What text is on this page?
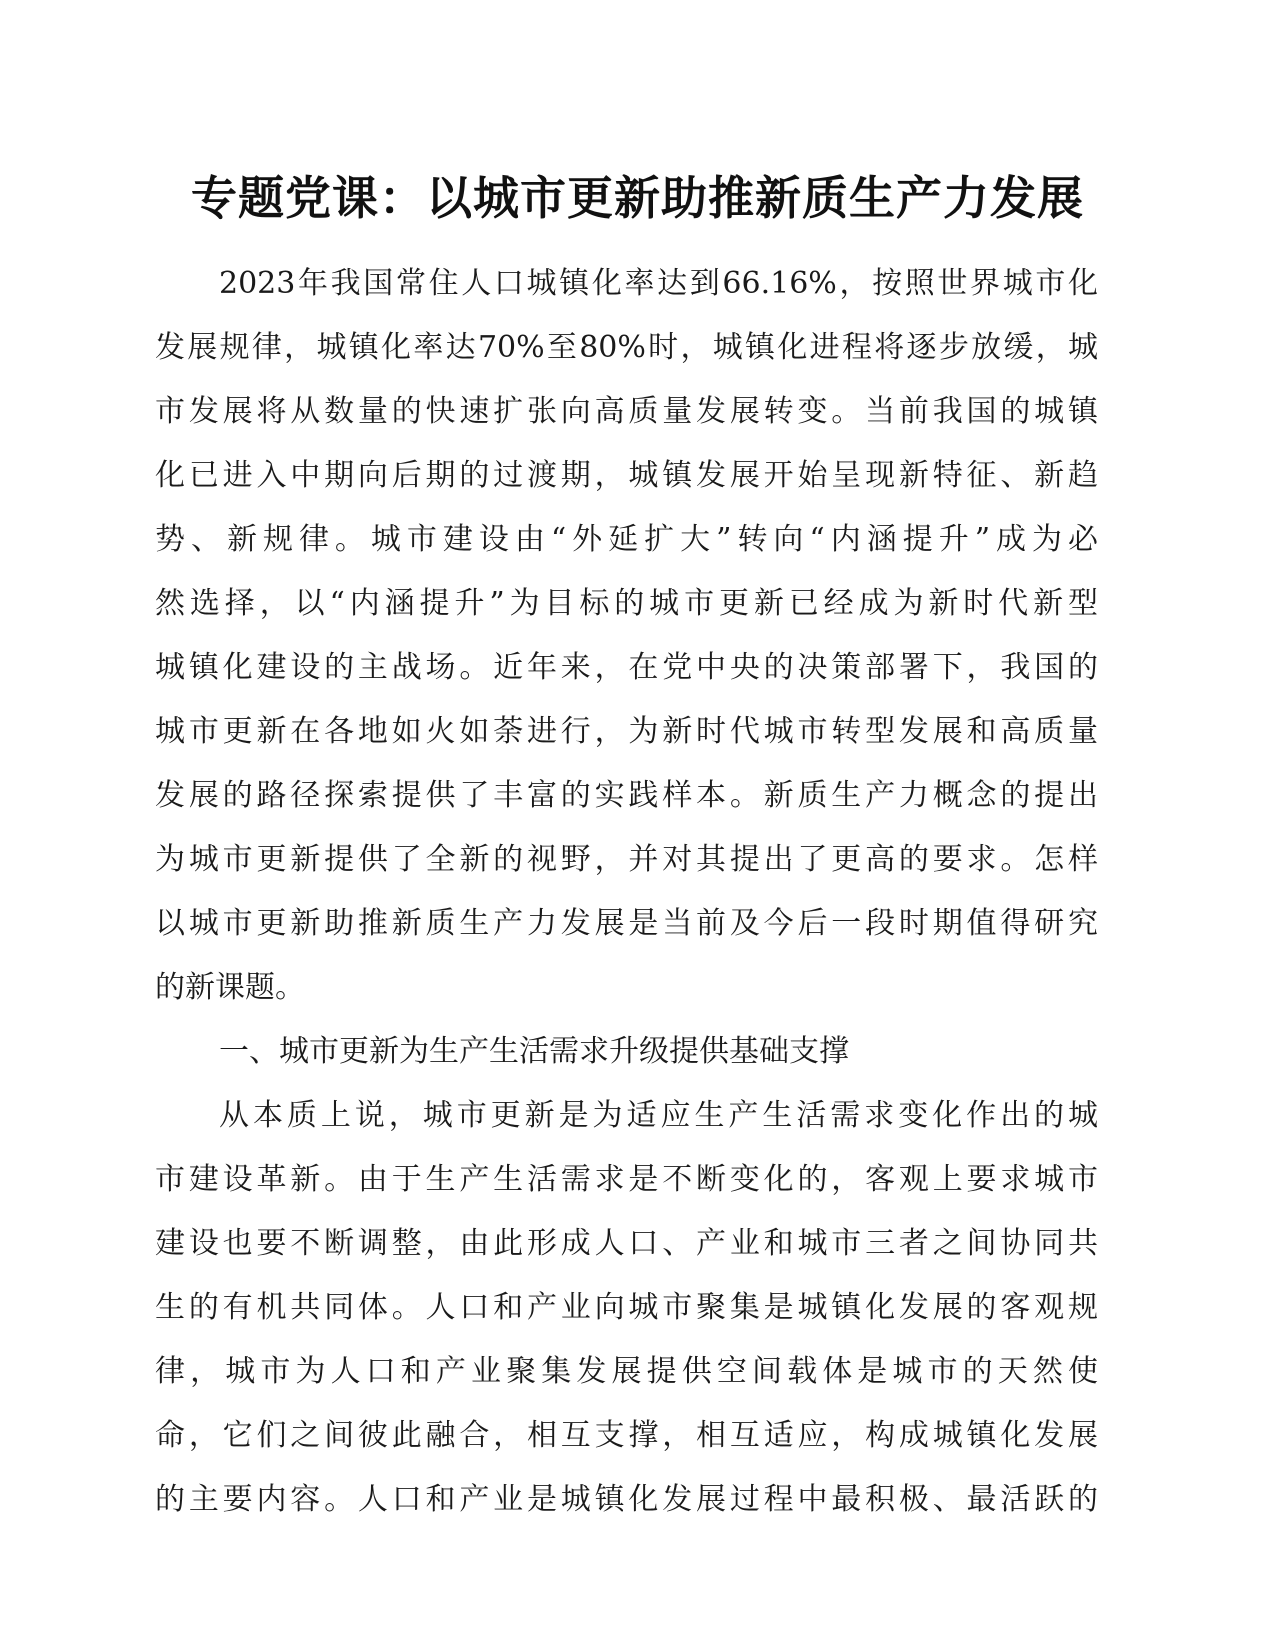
专题党课：以城市更新助推新质生产力发展
2023年我国常住人口城镇化率达到66.16%，按照世界城市化
发展规律，城镇化率达70%至80%时，城镇化进程将逐步放缓，城
市发展将从数量的快速扩张向高质量发展转变。当前我国的城镇
化已进入中期向后期的过渡期，城镇发展开始呈现新特征、新趋
势、新规律。城市建设由“外延扩大”转向“内涵提升”成为必
然选择，以“内涵提升”为目标的城市更新已经成为新时代新型
城镇化建设的主战场。近年来，在党中央的决策部署下，我国的
城市更新在各地如火如荼进行，为新时代城市转型发展和高质量
发展的路径探索提供了丰富的实践样本。新质生产力概念的提出
为城市更新提供了全新的视野，并对其提出了更高的要求。怎样
以城市更新助推新质生产力发展是当前及今后一段时期值得研究
的新课题。
一、城市更新为生产生活需求升级提供基础支撑
从本质上说，城市更新是为适应生产生活需求变化作出的城
市建设革新。由于生产生活需求是不断变化的，客观上要求城市
建设也要不断调整，由此形成人口、产业和城市三者之间协同共
生的有机共同体。人口和产业向城市聚集是城镇化发展的客观规
律，城市为人口和产业聚集发展提供空间载体是城市的天然使
命，它们之间彼此融合，相互支撑，相互适应，构成城镇化发展
的主要内容。人口和产业是城镇化发展过程中最积极、最活跃的
